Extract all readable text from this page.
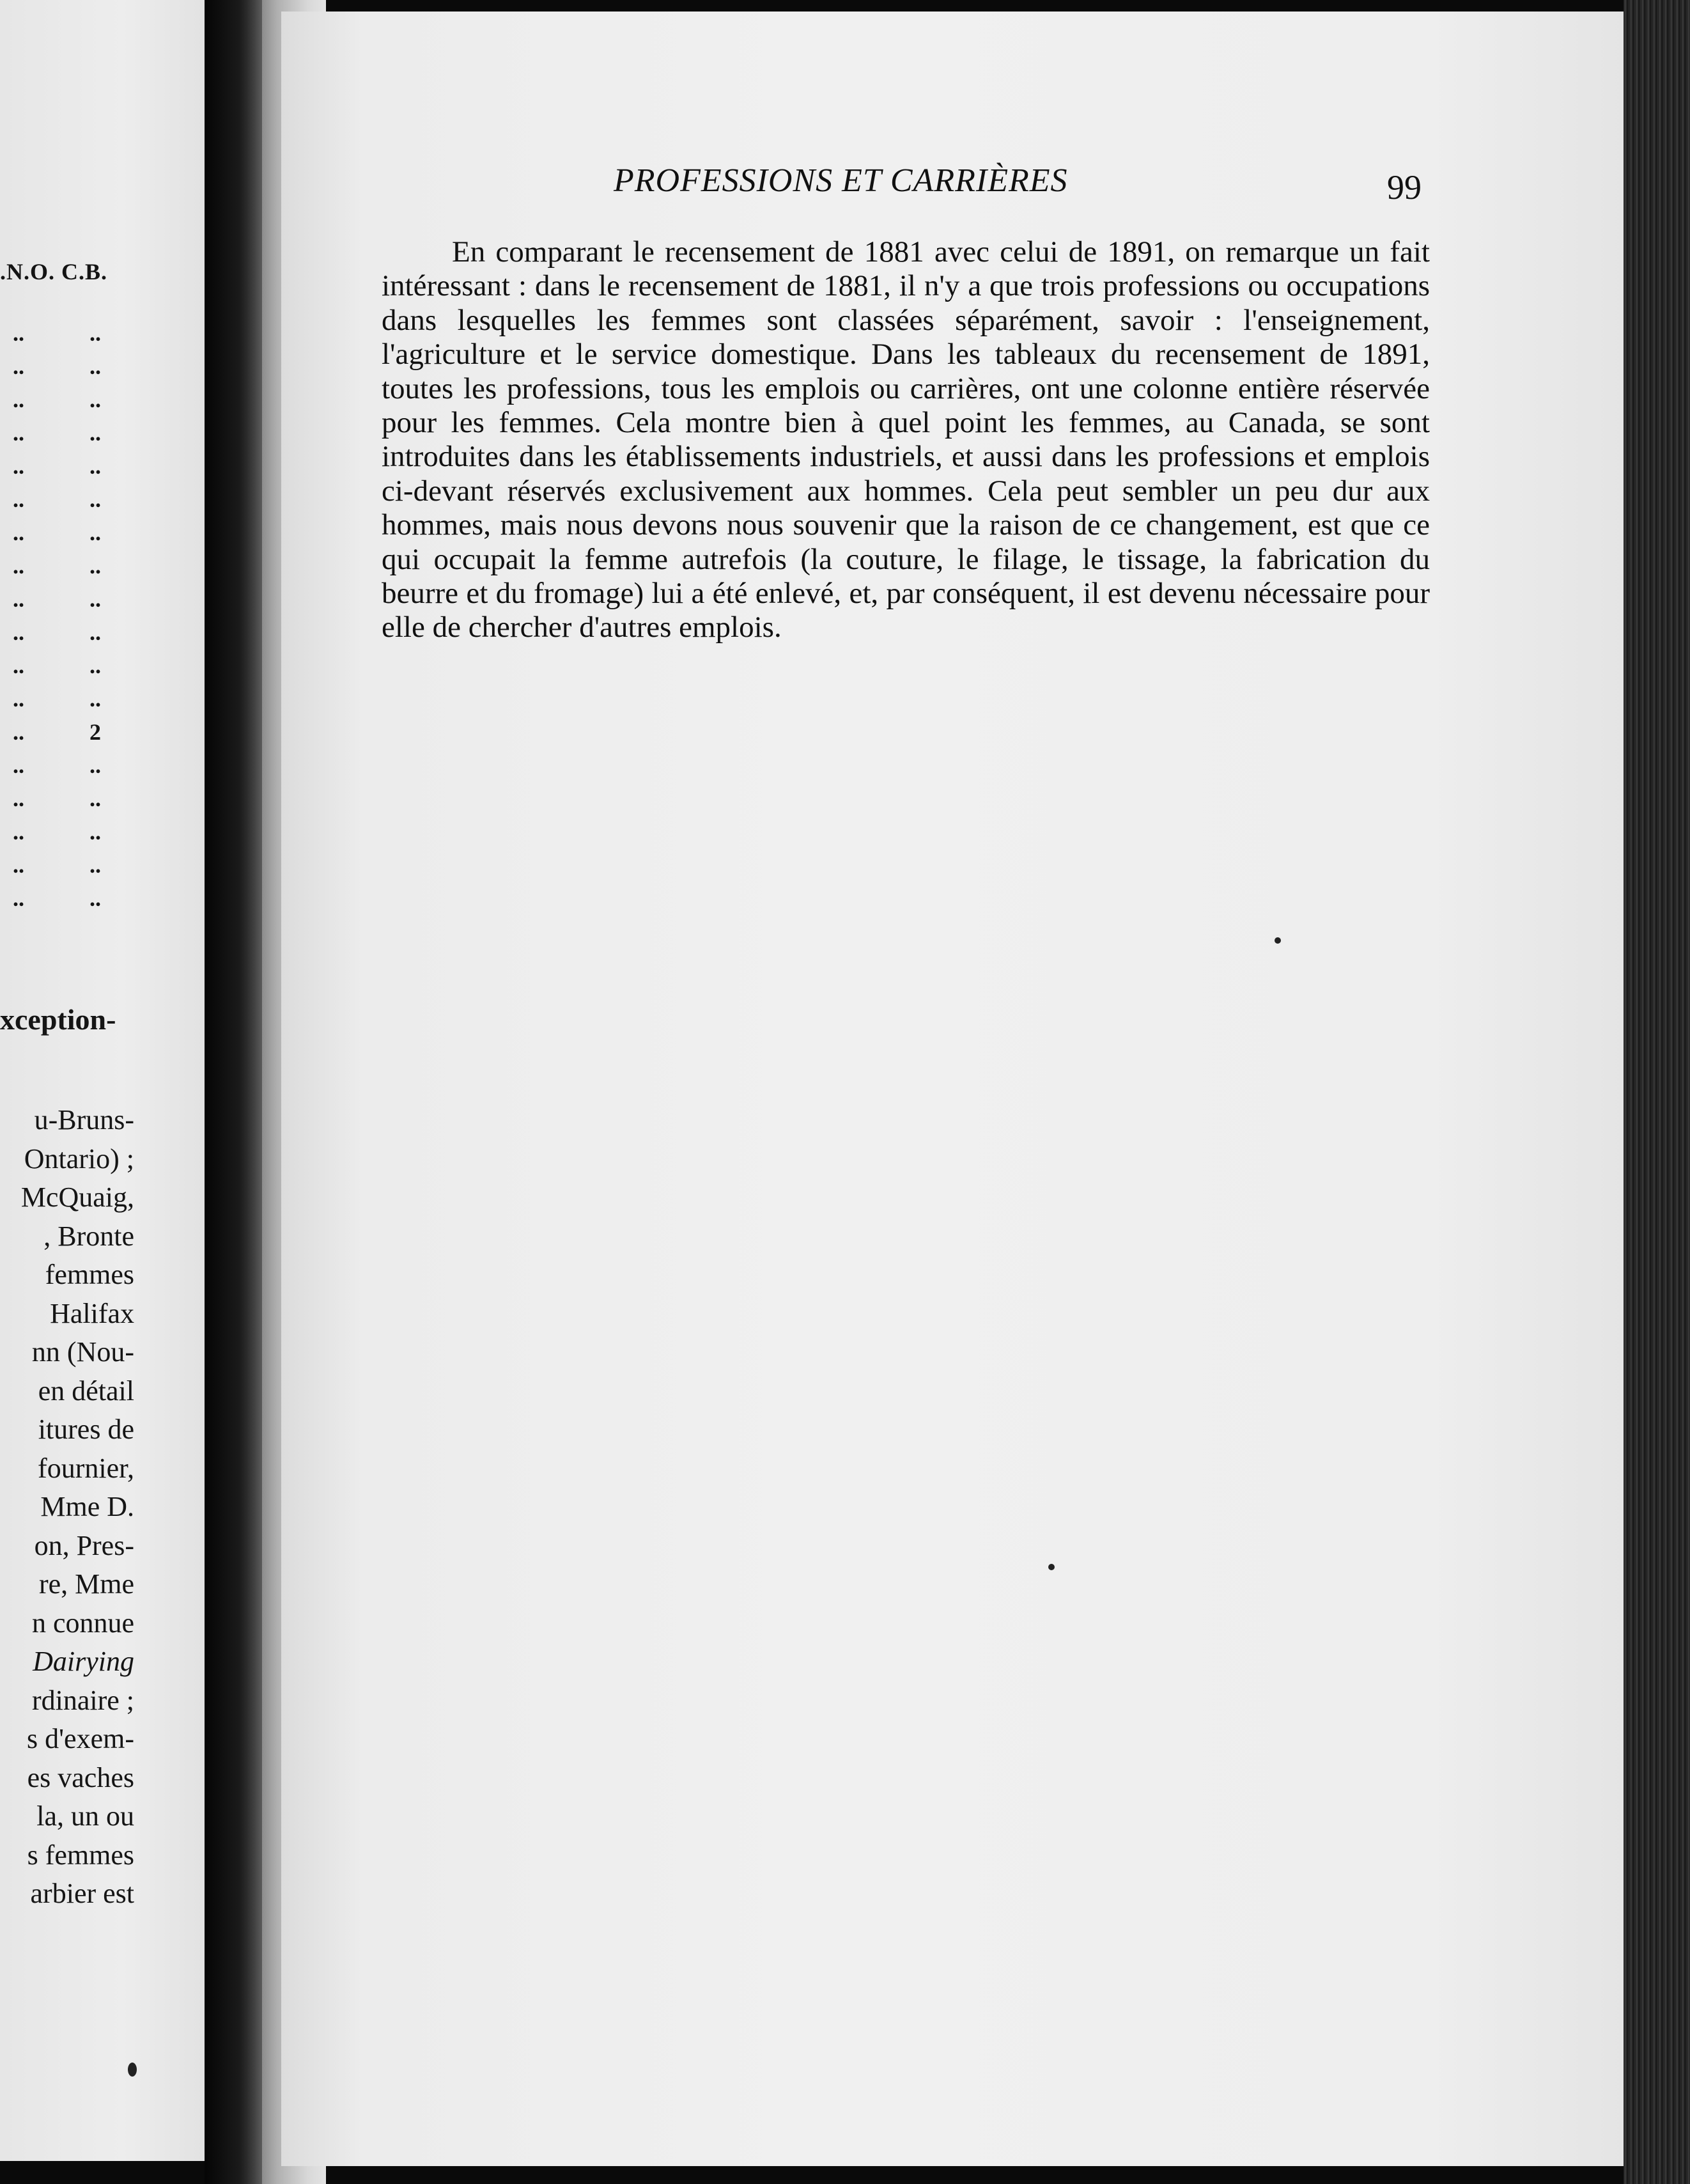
.N.O. C.B.
..	..
..	..
..	..
..	..
..	..
..	..
..	..
..	..
..	..
..	..
..	..
..	..
..	2
..	..
..	..
..	..
..	..
..	..
xception-
u-Bruns-
Ontario) ;
McQuaig,
, Bronte
femmes
Halifax
nn (Nou-
en détail
itures de
fournier,
Mme D.
on, Pres-
re, Mme
n connue
Dairying
rdinaire ;
s d'exem-
es vaches
la, un ou
s femmes
arbier est
PROFESSIONS ET CARRIÈRES	99
En comparant le recensement de 1881 avec celui de 1891, on remarque un fait intéressant : dans le recensement de 1881, il n'y a que trois professions ou occupations dans lesquelles les femmes sont classées séparément, savoir : l'enseignement, l'agriculture et le service domestique. Dans les tableaux du recensement de 1891, toutes les professions, tous les emplois ou carrières, ont une colonne entière réservée pour les femmes. Cela montre bien à quel point les femmes, au Canada, se sont introduites dans les établissements industriels, et aussi dans les professions et emplois ci-devant réservés exclusivement aux hommes. Cela peut sembler un peu dur aux hommes, mais nous devons nous souvenir que la raison de ce changement, est que ce qui occupait la femme autrefois (la couture, le filage, le tissage, la fabrication du beurre et du fromage) lui a été enlevé, et, par conséquent, il est devenu nécessaire pour elle de chercher d'autres emplois.
